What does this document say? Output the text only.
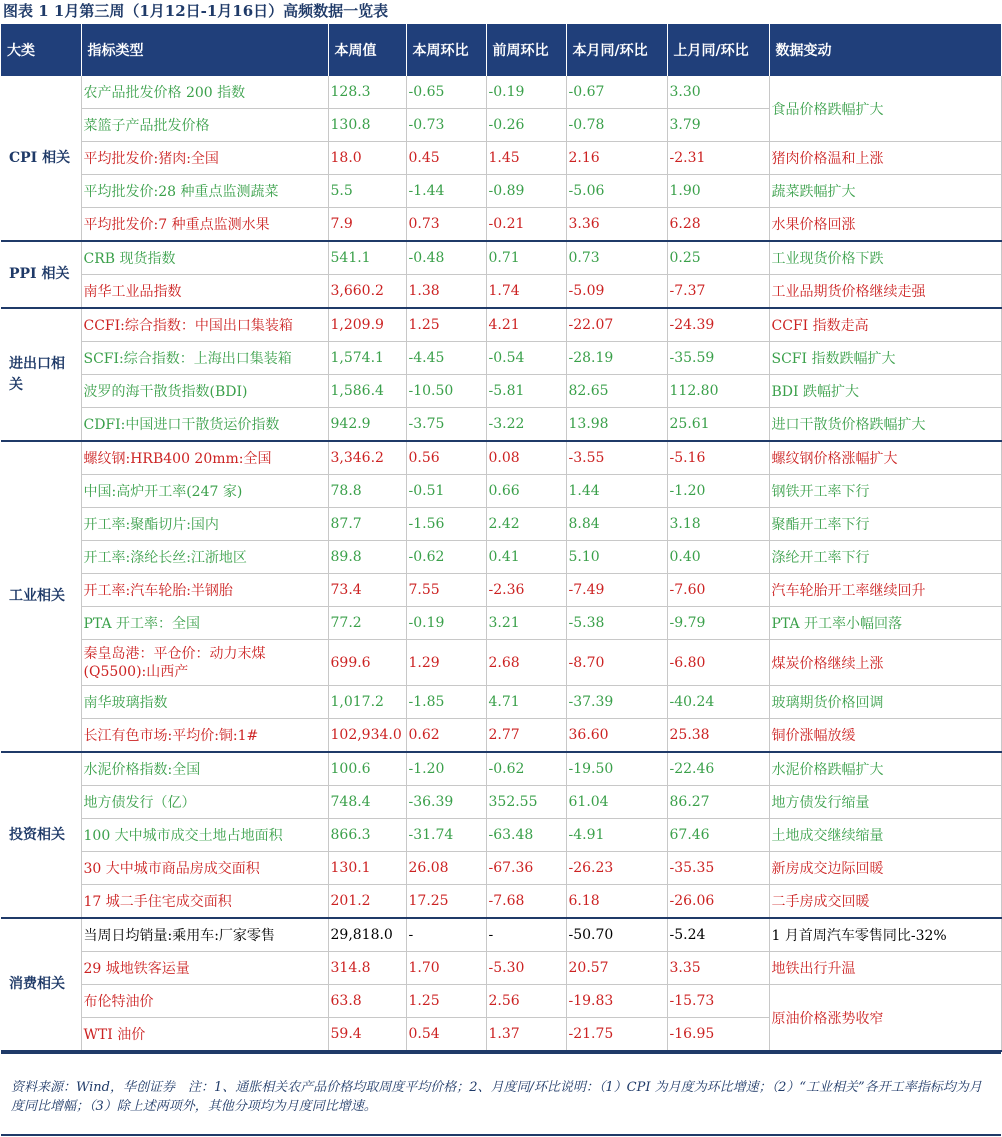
图表 1 1月第三周（1月12日-1月16日）高频数据一览表
大类	指标类型	本周值	本周环比	前周环比	本月同/环比	上月同/环比	数据变动
CPI 相关	农产品批发价格 200 指数	128.3	-0.65	-0.19	-0.67	3.30	食品价格跌幅扩大
	菜篮子产品批发价格	130.8	-0.73	-0.26	-0.78	3.79	
	平均批发价:猪肉:全国	18.0	0.45	1.45	2.16	-2.31	猪肉价格温和上涨
	平均批发价:28 种重点监测蔬菜	5.5	-1.44	-0.89	-5.06	1.90	蔬菜跌幅扩大
	平均批发价:7 种重点监测水果	7.9	0.73	-0.21	3.36	6.28	水果价格回涨
PPI 相关	CRB 现货指数	541.1	-0.48	0.71	0.73	0.25	工业现货价格下跌
	南华工业品指数	3,660.2	1.38	1.74	-5.09	-7.37	工业品期货价格继续走强
进出口相关	CCFI:综合指数：中国出口集装箱	1,209.9	1.25	4.21	-22.07	-24.39	CCFI 指数走高
	SCFI:综合指数：上海出口集装箱	1,574.1	-4.45	-0.54	-28.19	-35.59	SCFI 指数跌幅扩大
	波罗的海干散货指数(BDI)	1,586.4	-10.50	-5.81	82.65	112.80	BDI 跌幅扩大
	CDFI:中国进口干散货运价指数	942.9	-3.75	-3.22	13.98	25.61	进口干散货价格跌幅扩大
工业相关	螺纹钢:HRB400 20mm:全国	3,346.2	0.56	0.08	-3.55	-5.16	螺纹钢价格涨幅扩大
	中国:高炉开工率(247 家)	78.8	-0.51	0.66	1.44	-1.20	钢铁开工率下行
	开工率:聚酯切片:国内	87.7	-1.56	2.42	8.84	3.18	聚酯开工率下行
	开工率:涤纶长丝:江浙地区	89.8	-0.62	0.41	5.10	0.40	涤纶开工率下行
	开工率:汽车轮胎:半钢胎	73.4	7.55	-2.36	-7.49	-7.60	汽车轮胎开工率继续回升
	PTA 开工率：全国	77.2	-0.19	3.21	-5.38	-9.79	PTA 开工率小幅回落
	秦皇岛港：平仓价：动力末煤(Q5500):山西产	699.6	1.29	2.68	-8.70	-6.80	煤炭价格继续上涨
	南华玻璃指数	1,017.2	-1.85	4.71	-37.39	-40.24	玻璃期货价格回调
	长江有色市场:平均价:铜:1#	102,934.0	0.62	2.77	36.60	25.38	铜价涨幅放缓
投资相关	水泥价格指数:全国	100.6	-1.20	-0.62	-19.50	-22.46	水泥价格跌幅扩大
	地方债发行（亿）	748.4	-36.39	352.55	61.04	86.27	地方债发行缩量
	100 大中城市成交土地占地面积	866.3	-31.74	-63.48	-4.91	67.46	土地成交继续缩量
	30 大中城市商品房成交面积	130.1	26.08	-67.36	-26.23	-35.35	新房成交边际回暖
	17 城二手住宅成交面积	201.2	17.25	-7.68	6.18	-26.06	二手房成交回暖
消费相关	当周日均销量:乘用车:厂家零售	29,818.0	-	-	-50.70	-5.24	1 月首周汽车零售同比-32%
	29 城地铁客运量	314.8	1.70	-5.30	20.57	3.35	地铁出行升温
	布伦特油价	63.8	1.25	2.56	-19.83	-15.73	原油价格涨势收窄
	WTI 油价	59.4	0.54	1.37	-21.75	-16.95	
资料来源：Wind，华创证券　注：1、通胀相关农产品价格均取周度平均价格；2、月度同/环比说明：（1）CPI 为月度为环比增速；（2）“工业相关”各开工率指标均为月度同比增幅；（3）除上述两项外，其他分项均为月度同比增速。
